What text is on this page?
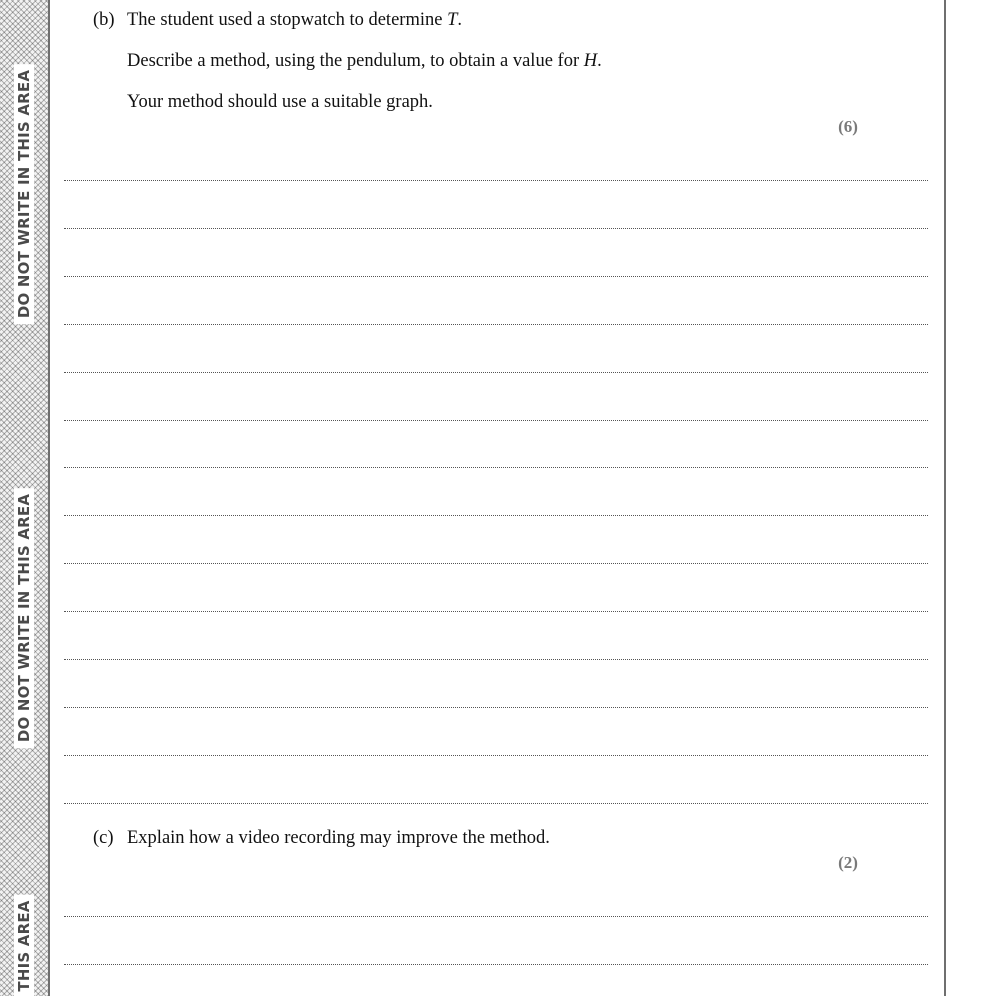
DO NOT WRITE IN THIS AREA
DO NOT WRITE IN THIS AREA
THIS AREA
(b) The student used a stopwatch to determine T.
Describe a method, using the pendulum, to obtain a value for H.
Your method should use a suitable graph.
(6)
(c) Explain how a video recording may improve the method.
(2)
